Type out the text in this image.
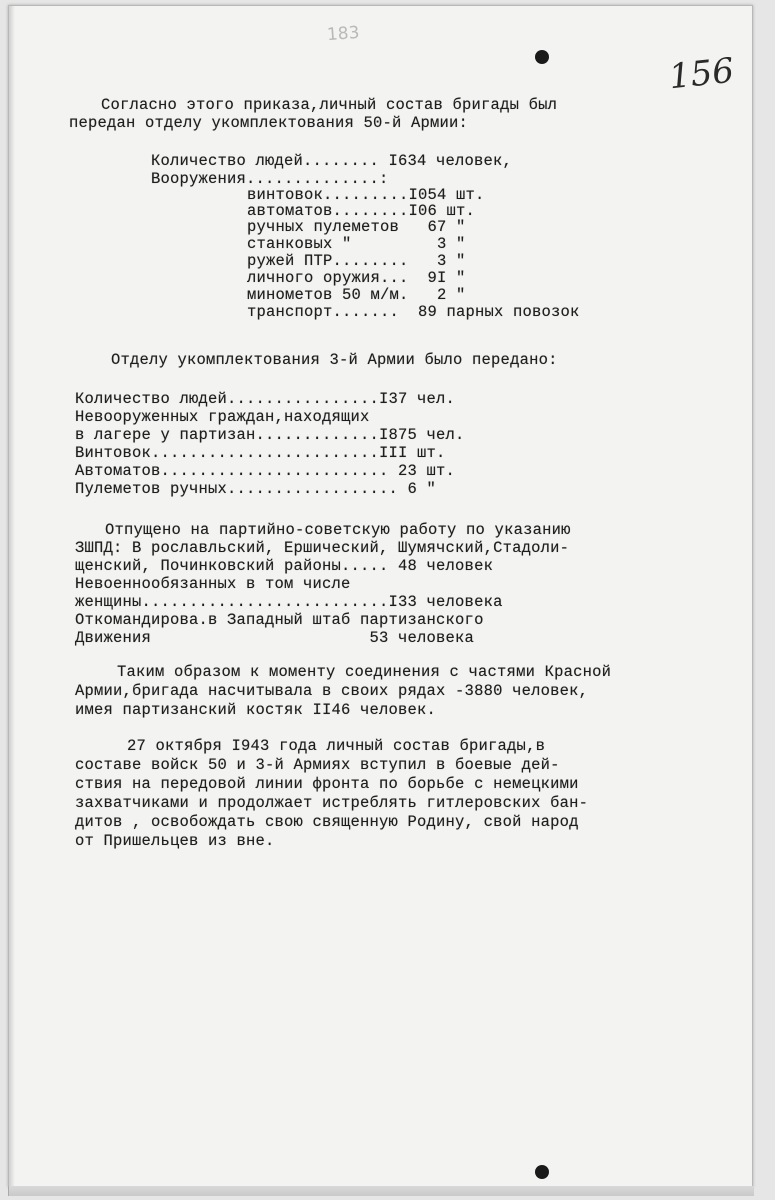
183
156
Согласно этого приказа,личный состав бригады был
передан отделу укомплектования 50-й Армии:
Количество людей........ I634 человек,
Вооружения..............:
винтовок.........I054 шт.
автоматов........I06 шт.
ручных пулеметов   67 "
станковых "         3 "
ружей ПТР........   3 "
личного оружия...  9I "
минометов 50 м/м.   2 "
транспорт.......  89 парных повозок
Отделу укомплектования 3-й Армии было передано:
Количество людей................I37 чел.
Невооруженных граждан,находящих
в лагере у партизан.............I875 чел.
Винтовок........................III шт.
Автоматов........................ 23 шт.
Пулеметов ручных.................. 6 "
Отпущено на партийно-советскую работу по указанию
ЗШПД: В рославльский, Ершический, Шумячский,Стадоли-
щенский, Починковский районы..... 48 человек
Невоеннообязанных в том числе
женщины..........................I33 человека
Откомандирова.в Западный штаб партизанского
Движения                       53 человека
Таким образом к моменту соединения с частями Красной
Армии,бригада насчитывала в своих рядах -3880 человек,
имея партизанский костяк II46 человек.
27 октября I943 года личный состав бригады,в
составе войск 50 и 3-й Армиях вступил в боевые дей-
ствия на передовой линии фронта по борьбе с немецкими
захватчиками и продолжает истреблять гитлеровских бан-
дитов , освобождать свою священную Родину, свой народ
от Пришельцев из вне.
